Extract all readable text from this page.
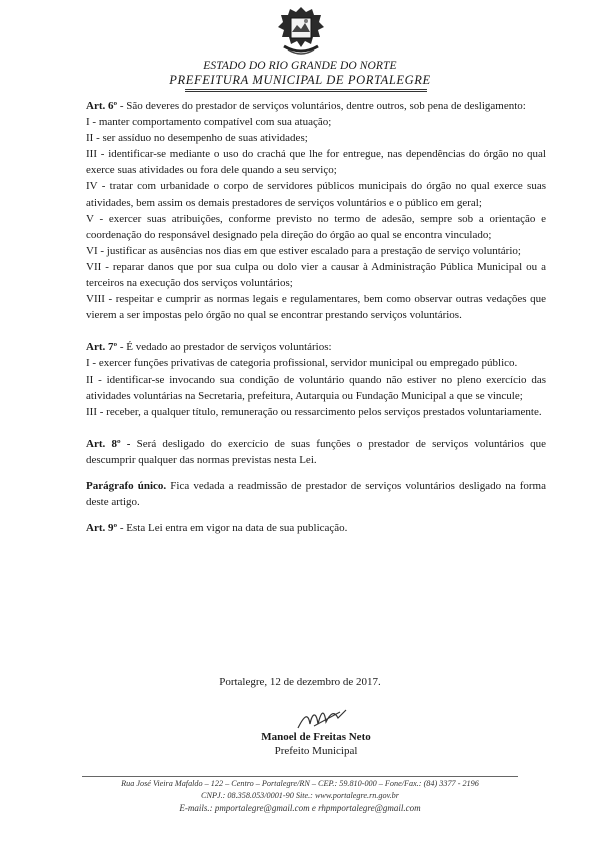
ESTADO DO RIO GRANDE DO NORTE
PREFEITURA MUNICIPAL DE PORTALEGRE

Art. 6º - São deveres do prestador de serviços voluntários, dentre outros, sob pena de desligamento:

I - manter comportamento compatível com sua atuação;

II - ser assíduo no desempenho de suas atividades;

III - identificar-se mediante o uso do crachá que lhe for entregue, nas dependências do órgão no qual exerce suas atividades ou fora dele quando a seu serviço;

IV - tratar com urbanidade o corpo de servidores públicos municipais do órgão no qual exerce suas atividades, bem assim os demais prestadores de serviços voluntários e o público em geral;

V - exercer suas atribuições, conforme previsto no termo de adesão, sempre sob a orientação e coordenação do responsável designado pela direção do órgão ao qual se encontra vinculado;

VI - justificar as ausências nos dias em que estiver escalado para a prestação de serviço voluntário;

VII - reparar danos que por sua culpa ou dolo vier a causar à Administração Pública Municipal ou a terceiros na execução dos serviços voluntários;

VIII - respeitar e cumprir as normas legais e regulamentares, bem como observar outras vedações que vierem a ser impostas pelo órgão no qual se encontrar prestando serviços voluntários.

Art. 7º - É vedado ao prestador de serviços voluntários:

I - exercer funções privativas de categoria profissional, servidor municipal ou empregado público.

II - identificar-se invocando sua condição de voluntário quando não estiver no pleno exercício das atividades voluntárias na Secretaria, prefeitura, Autarquia ou Fundação Municipal a que se vincule;

III - receber, a qualquer título, remuneração ou ressarcimento pelos serviços prestados voluntariamente.

Art. 8º - Será desligado do exercício de suas funções o prestador de serviços voluntários que descumprir qualquer das normas previstas nesta Lei.

Parágrafo único. Fica vedada a readmissão de prestador de serviços voluntários desligado na forma deste artigo.

Art. 9º - Esta Lei entra em vigor na data de sua publicação.

Portalegre, 12 de dezembro de 2017.
Manoel de Freitas Neto
Prefeito Municipal
Rua José Vieira Mafaldo – 122 – Centro – Portalegre/RN – CEP.: 59.810-000 – Fone/Fax.: (84) 3377 - 2196
CNPJ.: 08.358.053/0001-90 Site.: www.portalegre.rn.gov.br
E-mails.: pmportalegre@gmail.com e rhpmportalegre@gmail.com
